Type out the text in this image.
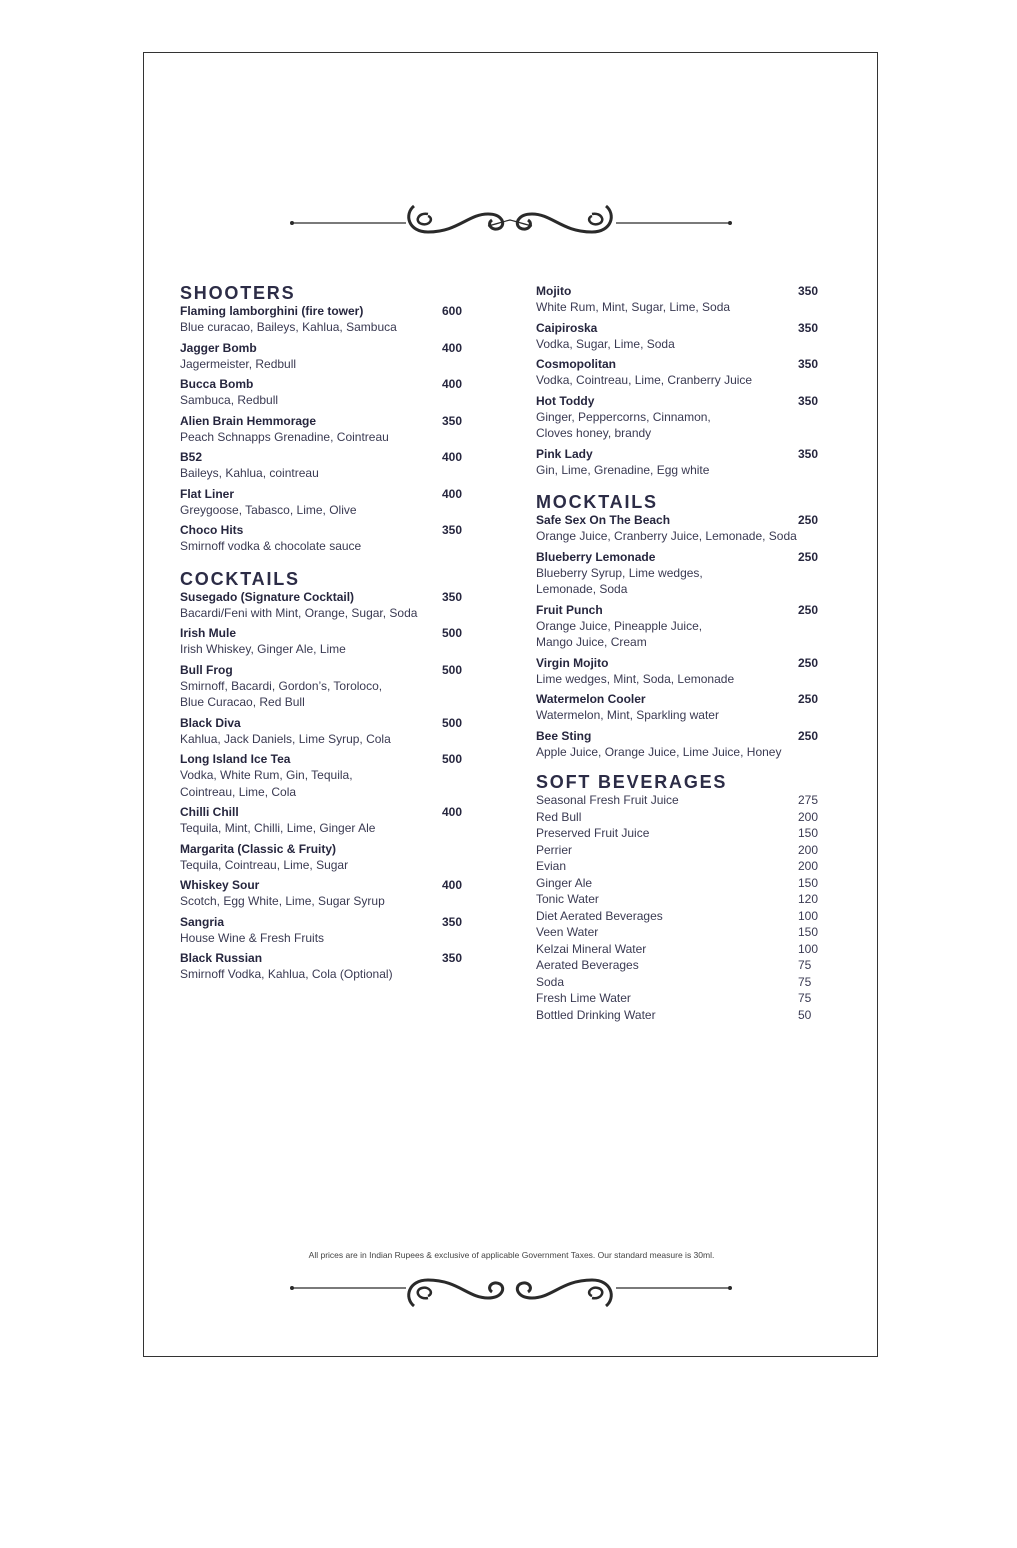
SHOOTERS
Flaming lamborghini (fire tower)	600
Blue curacao, Baileys, Kahlua, Sambuca
Jagger Bomb	400
Jagermeister, Redbull
Bucca Bomb	400
Sambuca, Redbull
Alien Brain Hemmorage	350
Peach Schnapps Grenadine, Cointreau
B52	400
Baileys, Kahlua, cointreau
Flat Liner	400
Greygoose, Tabasco, Lime, Olive
Choco Hits	350
Smirnoff vodka & chocolate sauce
COCKTAILS
Susegado (Signature Cocktail)	350
Bacardi/Feni with Mint, Orange, Sugar, Soda
Irish Mule	500
Irish Whiskey, Ginger Ale, Lime
Bull Frog	500
Smirnoff, Bacardi, Gordon’s, Toroloco,
Blue Curacao, Red Bull
Black Diva	500
Kahlua, Jack Daniels, Lime Syrup, Cola
Long Island Ice Tea	500
Vodka, White Rum, Gin, Tequila,
Cointreau, Lime, Cola
Chilli Chill	400
Tequila, Mint, Chilli, Lime, Ginger Ale
Margarita (Classic & Fruity)
Tequila, Cointreau, Lime, Sugar
Whiskey Sour	400
Scotch, Egg White, Lime, Sugar Syrup
Sangria	350
House Wine & Fresh Fruits
Black Russian	350
Smirnoff Vodka, Kahlua, Cola (Optional)
Mojito	350
White Rum, Mint, Sugar, Lime, Soda
Caipiroska	350
Vodka, Sugar, Lime, Soda
Cosmopolitan	350
Vodka, Cointreau, Lime, Cranberry Juice
Hot Toddy	350
Ginger, Peppercorns, Cinnamon,
Cloves honey, brandy
Pink Lady	350
Gin, Lime, Grenadine, Egg white
MOCKTAILS
Safe Sex On The Beach	250
Orange Juice, Cranberry Juice, Lemonade, Soda
Blueberry Lemonade	250
Blueberry Syrup, Lime wedges,
Lemonade, Soda
Fruit Punch	250
Orange Juice, Pineapple Juice,
Mango Juice, Cream
Virgin Mojito	250
Lime wedges, Mint, Soda, Lemonade
Watermelon Cooler	250
Watermelon, Mint, Sparkling water
Bee Sting	250
Apple Juice, Orange Juice, Lime Juice, Honey
SOFT BEVERAGES
Seasonal Fresh Fruit Juice	275
Red Bull	200
Preserved Fruit Juice	150
Perrier	200
Evian	200
Ginger Ale	150
Tonic Water	120
Diet Aerated Beverages	100
Veen Water	150
Kelzai Mineral Water	100
Aerated Beverages	75
Soda	75
Fresh Lime Water	75
Bottled Drinking Water	50
All prices are in Indian Rupees & exclusive of applicable Government Taxes. Our standard measure is 30ml.
